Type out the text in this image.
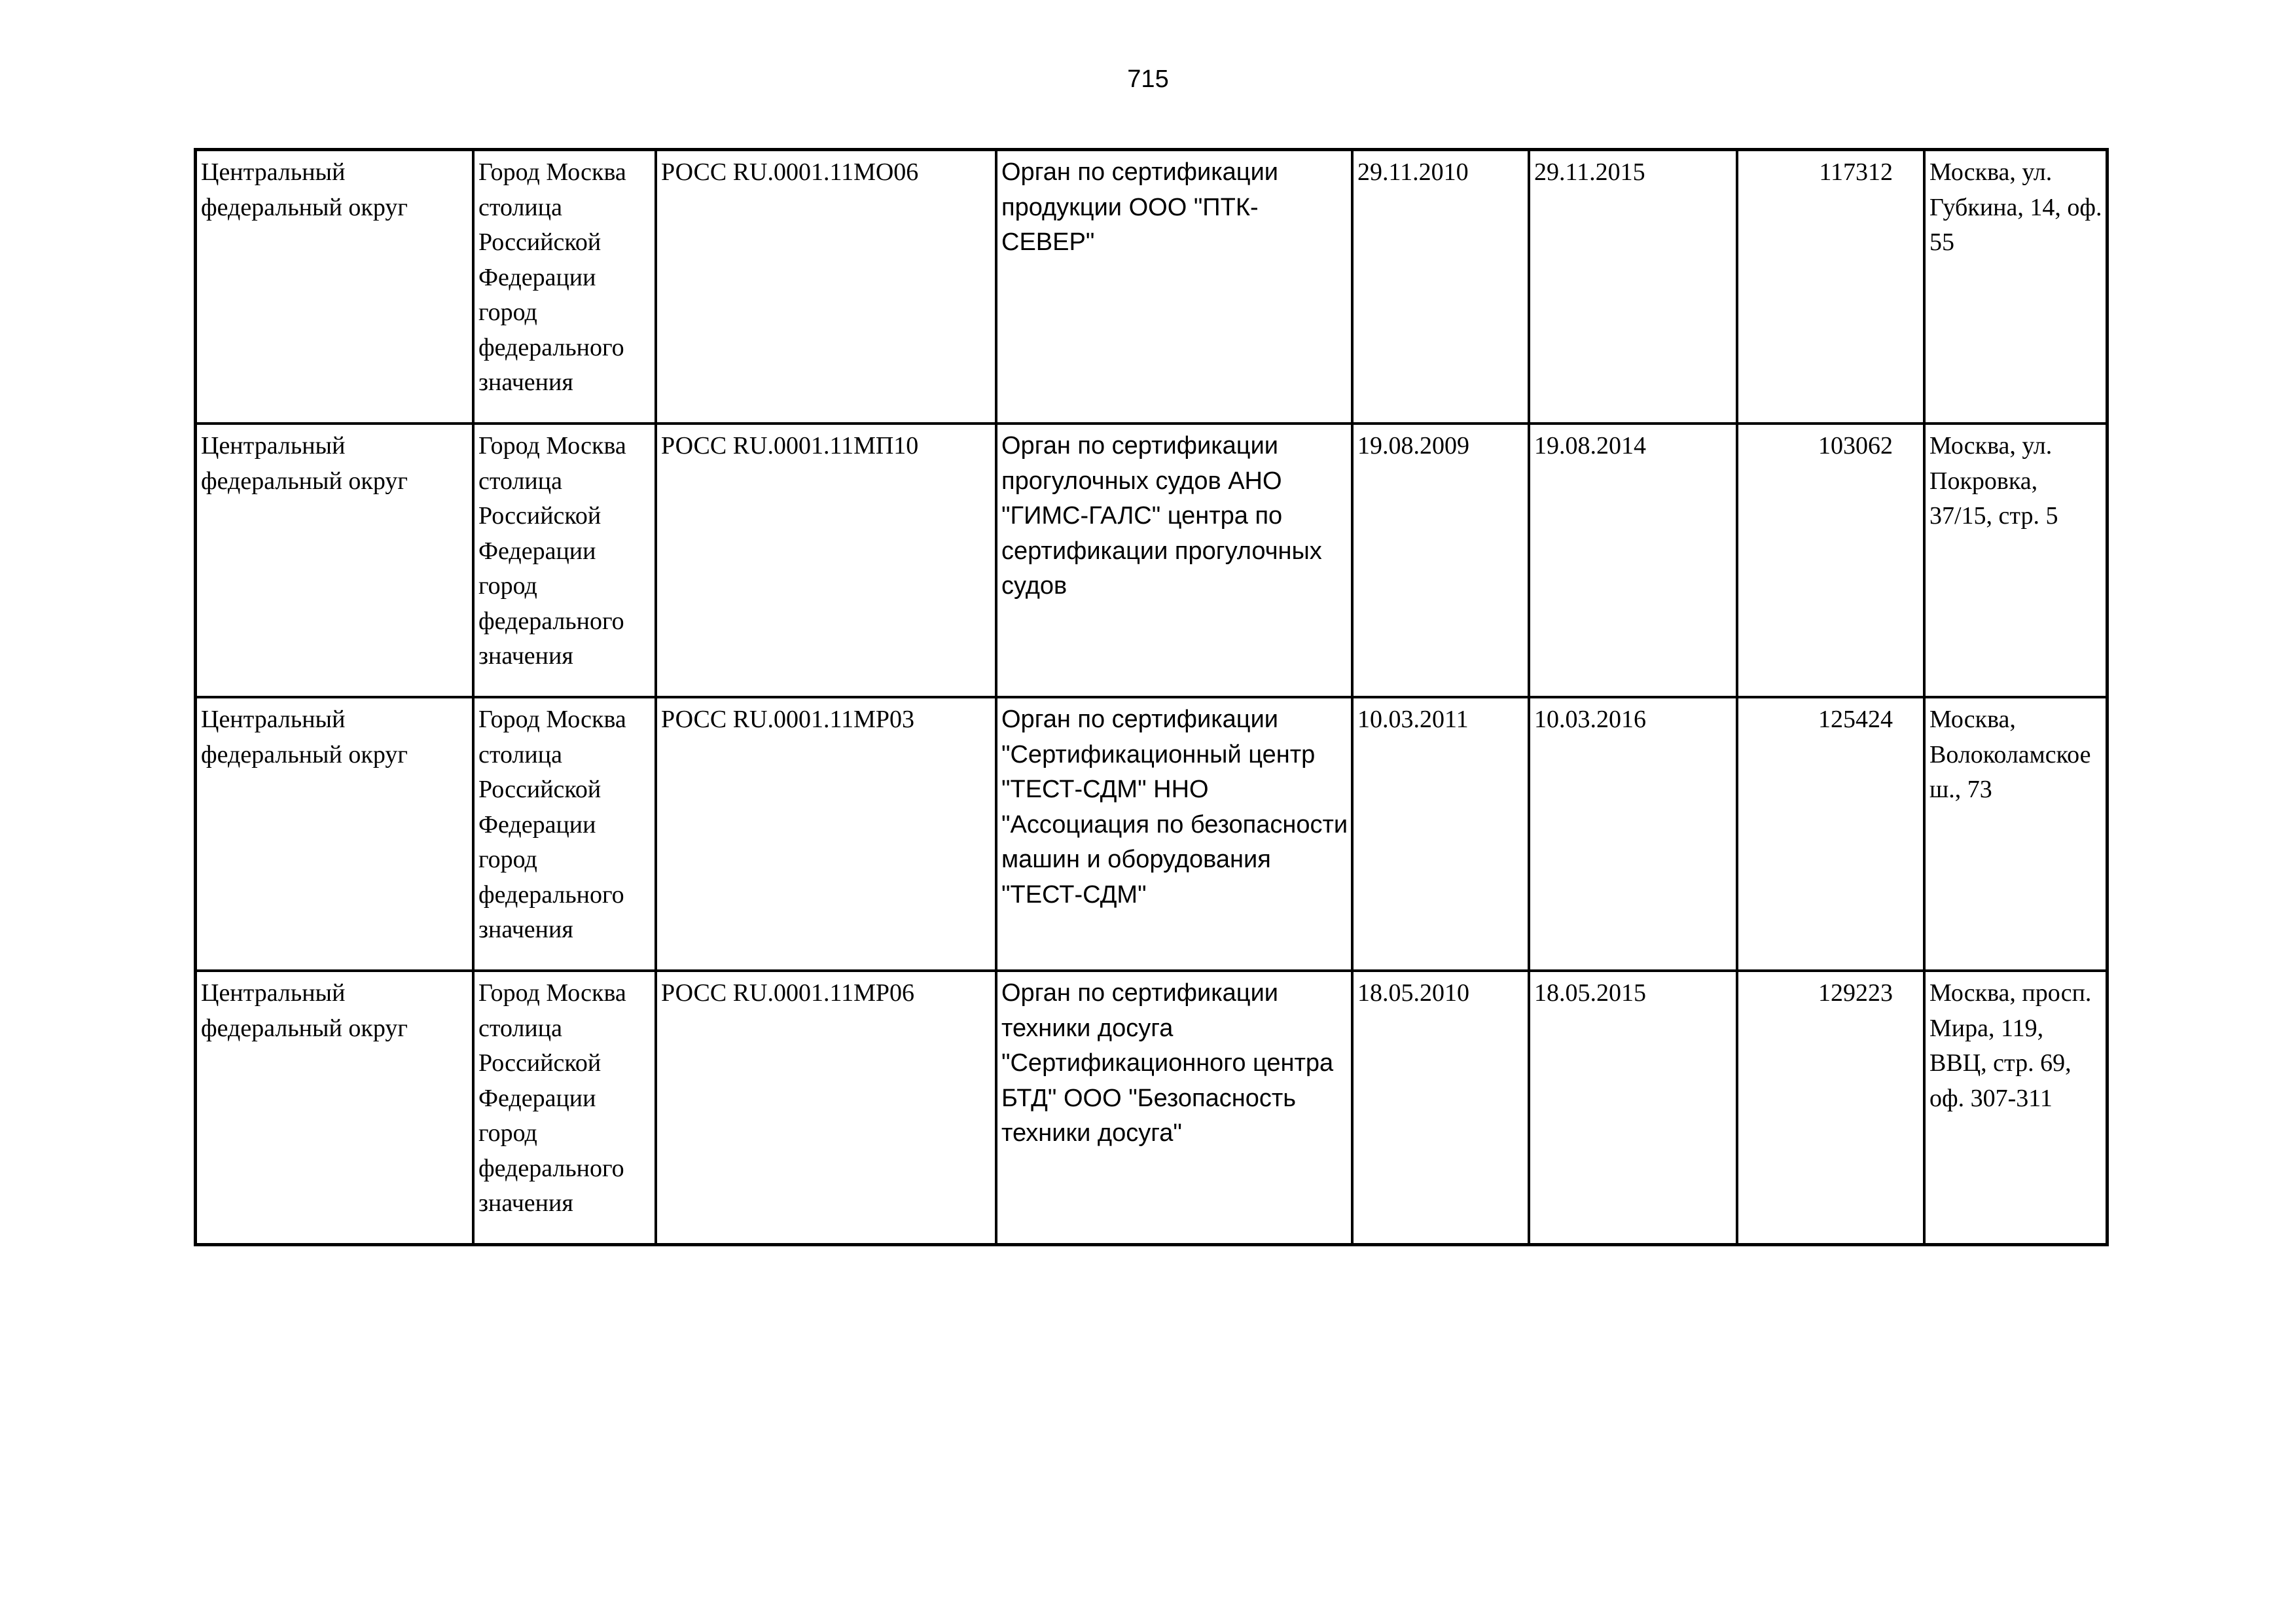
715
Центральный федеральный округ	Город Москва столица Российской Федерации город федерального значения	РОСС RU.0001.11МО06	Орган по сертификации продукции ООО "ПТК-СЕВЕР"	29.11.2010	29.11.2015	117312	Москва, ул. Губкина, 14, оф. 55

Центральный федеральный округ	Город Москва столица Российской Федерации город федерального значения	РОСС RU.0001.11МП10	Орган по сертификации прогулочных судов АНО "ГИМС-ГАЛС" центра по сертификации прогулочных судов	19.08.2009	19.08.2014	103062	Москва, ул. Покровка, 37/15, стр. 5

Центральный федеральный округ	Город Москва столица Российской Федерации город федерального значения	РОСС RU.0001.11МР03	Орган по сертификации "Сертификационный центр "ТЕСТ-СДМ" ННО "Ассоциация по безопасности машин и оборудования "ТЕСТ-СДМ"	10.03.2011	10.03.2016	125424	Москва, Волоколамское ш., 73

Центральный федеральный округ	Город Москва столица Российской Федерации город федерального значения	РОСС RU.0001.11МР06	Орган по сертификации техники досуга "Сертификационного центра БТД" ООО "Безопасность техники досуга"	18.05.2010	18.05.2015	129223	Москва, просп. Мира, 119, ВВЦ, стр. 69, оф. 307-311
